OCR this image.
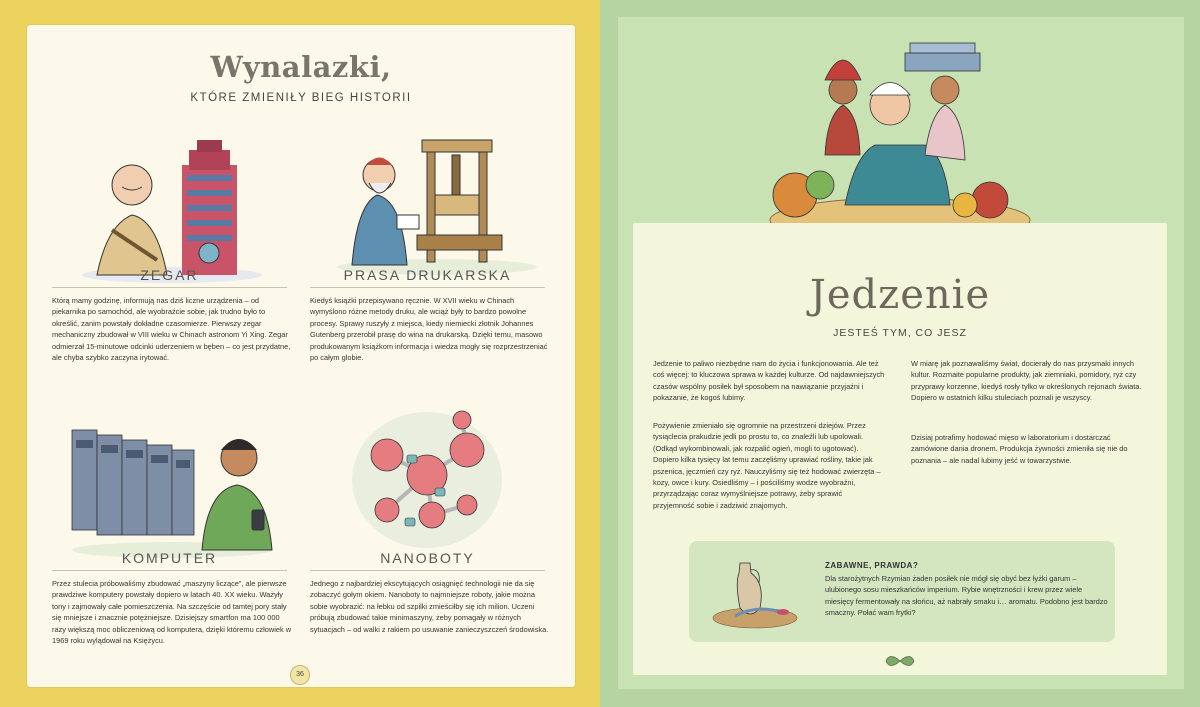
Wynalazki,
KTÓRE ZMIENIŁY BIEG HISTORII
ZEGAR
Którą mamy godzinę, informują nas dziś liczne urządzenia – od piekarnika po samochód, ale wyobraźcie sobie, jak trudno było to określić, zanim powstały dokładne czasomierze. Pierwszy zegar mechaniczny zbudował w VIII wieku w Chinach astronom Yi Xing. Zegar odmierzał 15-minutowe odcinki uderzeniem w bęben – co jest przydatne, ale chyba szybko zaczyna irytować.
PRASA DRUKARSKA
Kiedyś książki przepisywano ręcznie. W XVII wieku w Chinach wymyślono różne metody druku, ale wciąż były to bardzo powolne procesy. Sprawy ruszyły z miejsca, kiedy niemiecki złotnik Johannes Gutenberg przerobił prasę do wina na drukarską. Dzięki temu, masowo produkowanym książkom informacja i wiedza mogły się rozprzestrzeniać po całym globie.
KOMPUTER
Przez stulecia próbowaliśmy zbudować „maszyny liczące”, ale pierwsze prawdziwe komputery powstały dopiero w latach 40. XX wieku. Ważyły tony i zajmowały całe pomieszczenia. Na szczęście od tamtej pory stały się mniejsze i znacznie potężniejsze. Dzisiejszy smartfon ma 100 000 razy większą moc obliczeniową od komputera, dzięki któremu człowiek w 1969 roku wylądował na Księżycu.
NANOBOTY
Jednego z najbardziej ekscytujących osiągnięć technologii nie da się zobaczyć gołym okiem. Nanoboty to najmniejsze roboty, jakie można sobie wyobrazić: na łebku od szpilki zmieściłby się ich milion. Uczeni próbują zbudować takie minimaszyny, żeby pomagały w różnych sytuacjach – od walki z rakiem po usuwanie zanieczyszczeń środowiska.
36
Jedzenie
JESTEŚ TYM, CO JESZ
Jedzenie to paliwo niezbędne nam do życia i funkcjonowania. Ale też coś więcej: to kluczowa sprawa w każdej kulturze. Od najdawniejszych czasów wspólny posiłek był sposobem na nawiązanie przyjaźni i pokazanie, że kogoś lubimy.
Pożywienie zmieniało się ogromnie na przestrzeni dziejów. Przez tysiąclecia prakudzie jedli po prostu to, co znaleźli lub upolowali. (Odkąd wykombinowali, jak rozpalić ogień, mogli to ugotować). Dopiero kilka tysięcy lat temu zaczęliśmy uprawiać rośliny, takie jak pszenica, jęczmień czy ryż. Nauczyliśmy się też hodować zwierzęta – kozy, owce i kury. Osiedliśmy – i pościliśmy wodze wyobraźni, przyrządzając coraz wymyślniejsze potrawy, żeby sprawić przyjemność sobie i zadziwić znajomych.
W miarę jak poznawaliśmy świat, docierały do nas przysmaki innych kultur. Rozmaite popularne produkty, jak ziemniaki, pomidory, ryż czy przyprawy korzenne, kiedyś rosły tylko w określonych rejonach świata. Dopiero w ostatnich kilku stuleciach poznali je wszyscy.
Dzisiaj potrafimy hodować mięso w laboratorium i dostarczać zamówione dania dronem. Produkcja żywności zmieniła się nie do poznania – ale nadal lubimy jeść w towarzystwie.
ZABAWNE, PRAWDA?
Dla starożytnych Rzymian żaden posiłek nie mógł się obyć bez łyżki garum – ulubionego sosu mieszkańców imperium. Rybie wnętrzności i krew przez wiele miesięcy fermentowały na słońcu, aż nabrały smaku i… aromatu. Podobno jest bardzo smaczny. Połać wam frytki?
